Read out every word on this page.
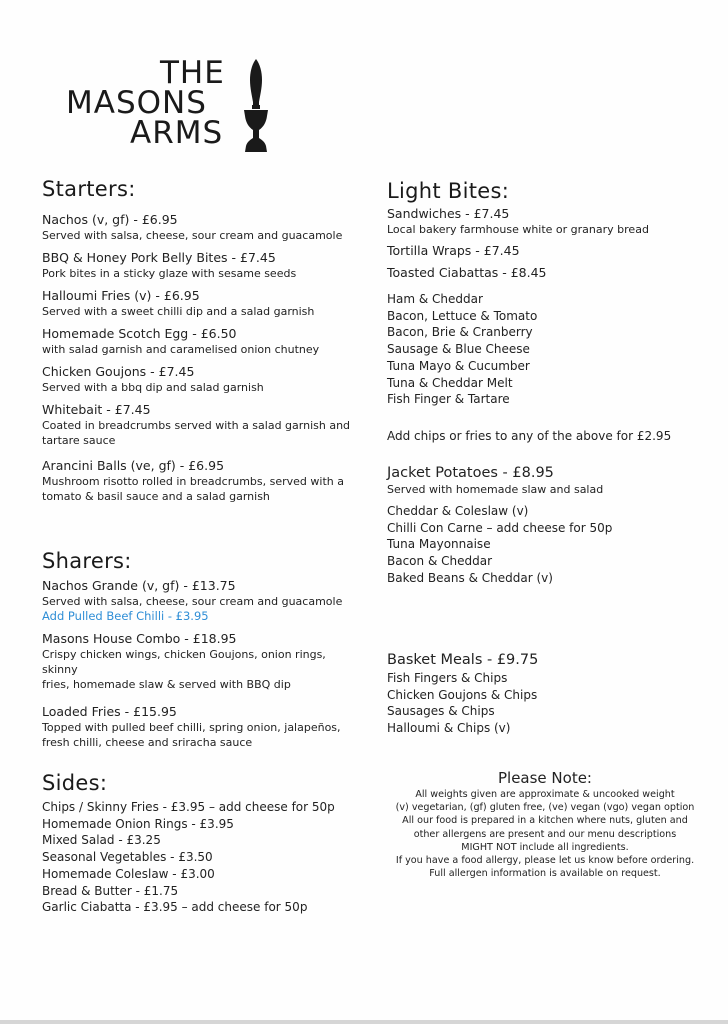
THE
MASONS
ARMS
Starters:
Nachos (v, gf) - £6.95
Served with salsa, cheese, sour cream and guacamole
BBQ & Honey Pork Belly Bites - £7.45
Pork bites in a sticky glaze with sesame seeds
Halloumi Fries (v) - £6.95
Served with a sweet chilli dip and a salad garnish
Homemade Scotch Egg - £6.50
with salad garnish and caramelised onion chutney
Chicken Goujons - £7.45
Served with a bbq dip and salad garnish
Whitebait - £7.45
Coated in breadcrumbs served with a salad garnish and
tartare sauce
Arancini Balls (ve, gf) - £6.95
Mushroom risotto rolled in breadcrumbs, served with a
tomato & basil sauce and a salad garnish
Sharers:
Nachos Grande (v, gf) - £13.75
Served with salsa, cheese, sour cream and guacamole
Add Pulled Beef Chilli - £3.95
Masons House Combo - £18.95
Crispy chicken wings, chicken Goujons, onion rings, skinny
fries, homemade slaw & served with BBQ dip
Loaded Fries - £15.95
Topped with pulled beef chilli, spring onion, jalapeños,
fresh chilli, cheese and sriracha sauce
Sides:
Chips / Skinny Fries - £3.95 – add cheese for 50p
Homemade Onion Rings - £3.95
Mixed Salad - £3.25
Seasonal Vegetables - £3.50
Homemade Coleslaw - £3.00
Bread & Butter - £1.75
Garlic Ciabatta - £3.95 – add cheese for 50p
Light Bites:
Sandwiches - £7.45
Local bakery farmhouse white or granary bread
Tortilla Wraps - £7.45
Toasted Ciabattas - £8.45
Ham & Cheddar
Bacon, Lettuce & Tomato
Bacon, Brie & Cranberry
Sausage & Blue Cheese
Tuna Mayo & Cucumber
Tuna & Cheddar Melt
Fish Finger & Tartare
Add chips or fries to any of the above for £2.95
Jacket Potatoes - £8.95
Served with homemade slaw and salad
Cheddar & Coleslaw (v)
Chilli Con Carne – add cheese for 50p
Tuna Mayonnaise
Bacon & Cheddar
Baked Beans & Cheddar (v)
Basket Meals - £9.75
Fish Fingers & Chips
Chicken Goujons & Chips
Sausages & Chips
Halloumi & Chips (v)
Please Note:
All weights given are approximate & uncooked weight
(v) vegetarian, (gf) gluten free, (ve) vegan (vgo) vegan option
All our food is prepared in a kitchen where nuts, gluten and
other allergens are present and our menu descriptions
MIGHT NOT include all ingredients.
If you have a food allergy, please let us know before ordering.
Full allergen information is available on request.
